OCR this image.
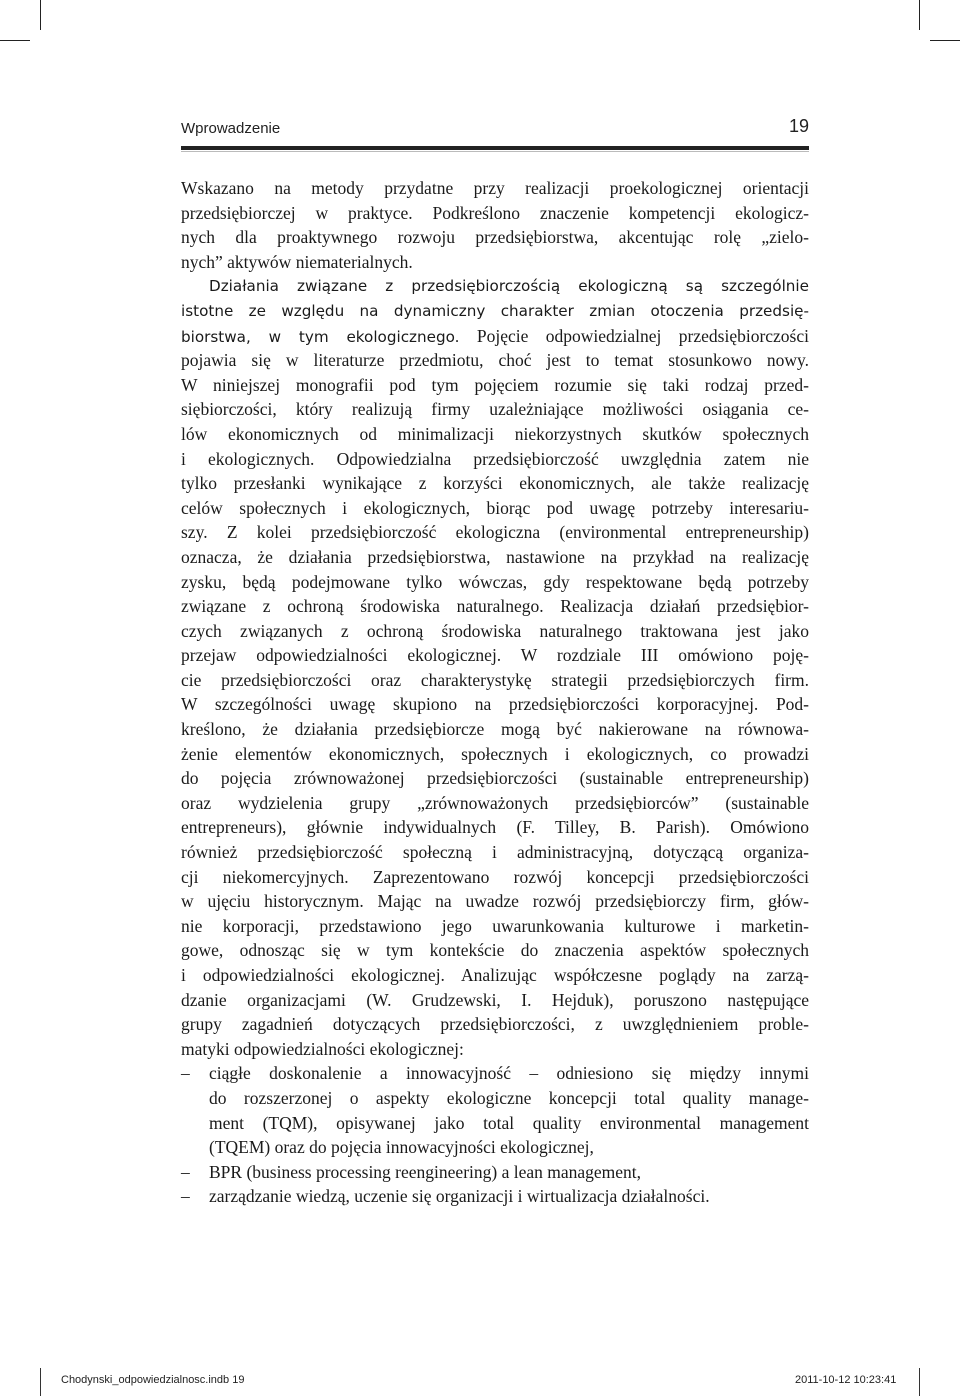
Wprowadzenie	19
Wskazano na metody przydatne przy realizacji proekologicznej orientacji
przedsiębiorczej w praktyce. Podkreślono znaczenie kompetencji ekologicz-
nych dla proaktywnego rozwoju przedsiębiorstwa, akcentując rolę „zielo-
nych” aktywów niematerialnych.
Działania związane z przedsiębiorczością ekologiczną są szczególnie
istotne ze względu na dynamiczny charakter zmian otoczenia przedsię-
biorstwa, w tym ekologicznego. Pojęcie odpowiedzialnej przedsiębiorczości
pojawia się w literaturze przedmiotu, choć jest to temat stosunkowo nowy.
W niniejszej monografii pod tym pojęciem rozumie się taki rodzaj przed-
siębiorczości, który realizują firmy uzależniające możliwości osiągania ce-
lów ekonomicznych od minimalizacji niekorzystnych skutków społecznych
i ekologicznych. Odpowiedzialna przedsiębiorczość uwzględnia zatem nie
tylko przesłanki wynikające z korzyści ekonomicznych, ale także realizację
celów społecznych i ekologicznych, biorąc pod uwagę potrzeby interesariu-
szy. Z kolei przedsiębiorczość ekologiczna (environmental entrepreneurship)
oznacza, że działania przedsiębiorstwa, nastawione na przykład na realizację
zysku, będą podejmowane tylko wówczas, gdy respektowane będą potrzeby
związane z ochroną środowiska naturalnego. Realizacja działań przedsiębior-
czych związanych z ochroną środowiska naturalnego traktowana jest jako
przejaw odpowiedzialności ekologicznej. W rozdziale III omówiono poję-
cie przedsiębiorczości oraz charakterystykę strategii przedsiębiorczych firm.
W szczególności uwagę skupiono na przedsiębiorczości korporacyjnej. Pod-
kreślono, że działania przedsiębiorcze mogą być nakierowane na równowa-
żenie elementów ekonomicznych, społecznych i ekologicznych, co prowadzi
do pojęcia zrównoważonej przedsiębiorczości (sustainable entrepreneurship)
oraz wydzielenia grupy „zrównoważonych przedsiębiorców” (sustainable
entrepreneurs), głównie indywidualnych (F. Tilley, B. Parish). Omówiono
również przedsiębiorczość społeczną i administracyjną, dotyczącą organiza-
cji niekomercyjnych. Zaprezentowano rozwój koncepcji przedsiębiorczości
w ujęciu historycznym. Mając na uwadze rozwój przedsiębiorczy firm, głów-
nie korporacji, przedstawiono jego uwarunkowania kulturowe i marketin-
gowe, odnosząc się w tym kontekście do znaczenia aspektów społecznych
i odpowiedzialności ekologicznej. Analizując współczesne poglądy na zarzą-
dzanie organizacjami (W. Grudzewski, I. Hejduk), poruszono następujące
grupy zagadnień dotyczących przedsiębiorczości, z uwzględnieniem proble-
matyki odpowiedzialności ekologicznej:
–	ciągłe doskonalenie a innowacyjność – odniesiono się między innymi
do rozszerzonej o aspekty ekologiczne koncepcji total quality manage-
ment (TQM), opisywanej jako total quality environmental management
(TQEM) oraz do pojęcia innowacyjności ekologicznej,
–	BPR (business processing reengineering) a lean management,
–	zarządzanie wiedzą, uczenie się organizacji i wirtualizacja działalności.
Chodynski_odpowiedzialnosc.indb 19	2011-10-12 10:23:41
